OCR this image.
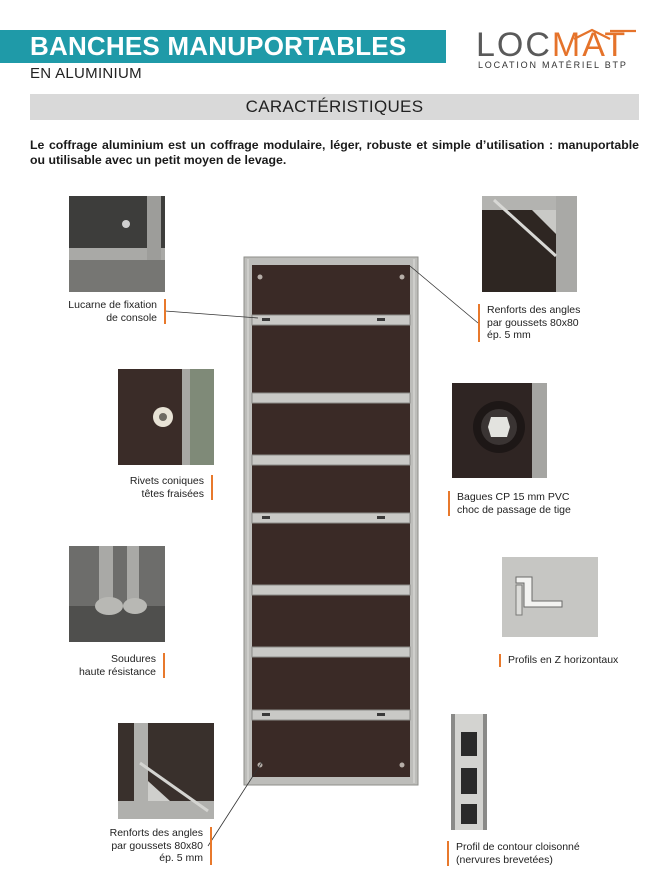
BANCHES MANUPORTABLES
EN ALUMINIUM
LOCMAT
LOCATION MATÉRIEL BTP
CARACTÉRISTIQUES

Le coffrage aluminium est un coffrage modulaire, léger, robuste et simple d’utilisation : manuportable ou utilisable avec un petit moyen de levage.

Lucarne de fixation
de console
Renforts des angles
par goussets 80x80
ép. 5 mm
Rivets coniques
têtes fraisées	Bagues CP 15 mm PVC
choc de passage de tige
Profils en Z horizontaux
Soudures
haute résistance
Renforts des angles
par goussets 80x80
ép. 5 mm
Profil de contour cloisonné
(nervures brevetées)
